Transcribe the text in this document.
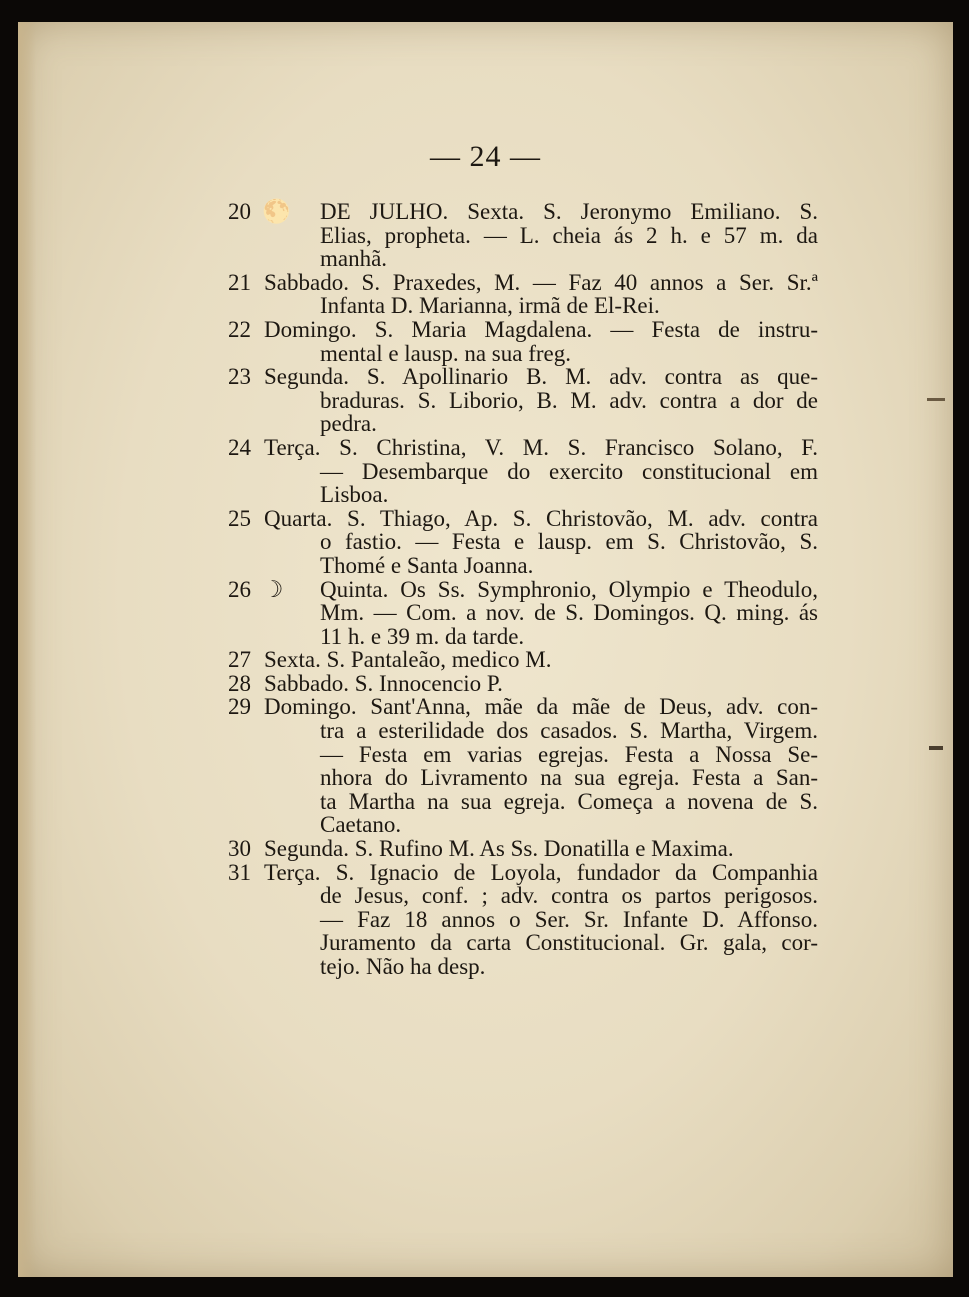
— 24 —
20 🌕 DE JULHO. Sexta. S. Jeronymo Emiliano. S.
Elias, propheta. — L. cheia ás 2 h. e 57 m. da
manhã.
21 Sabbado. S. Praxedes, M. — Faz 40 annos a Ser. Sr.ª
Infanta D. Marianna, irmã de El-Rei.
22 Domingo. S. Maria Magdalena. — Festa de instru-
mental e lausp. na sua freg.
23 Segunda. S. Apollinario B. M. adv. contra as que-
braduras. S. Liborio, B. M. adv. contra a dor de
pedra.
24 Terça. S. Christina, V. M. S. Francisco Solano, F.
— Desembarque do exercito constitucional em
Lisboa.
25 Quarta. S. Thiago, Ap. S. Christovão, M. adv. contra
o fastio. — Festa e lausp. em S. Christovão, S.
Thomé e Santa Joanna.
26 ☽ Quinta. Os Ss. Symphronio, Olympio e Theodulo,
Mm. — Com. a nov. de S. Domingos. Q. ming. ás
11 h. e 39 m. da tarde.
27 Sexta. S. Pantaleão, medico M.
28 Sabbado. S. Innocencio P.
29 Domingo. Sant'Anna, mãe da mãe de Deus, adv. con-
tra a esterilidade dos casados. S. Martha, Virgem.
— Festa em varias egrejas. Festa a Nossa Se-
nhora do Livramento na sua egreja. Festa a San-
ta Martha na sua egreja. Começa a novena de S.
Caetano.
30 Segunda. S. Rufino M. As Ss. Donatilla e Maxima.
31 Terça. S. Ignacio de Loyola, fundador da Companhia
de Jesus, conf. ; adv. contra os partos perigosos.
— Faz 18 annos o Ser. Sr. Infante D. Affonso.
Juramento da carta Constitucional. Gr. gala, cor-
tejo. Não ha desp.
